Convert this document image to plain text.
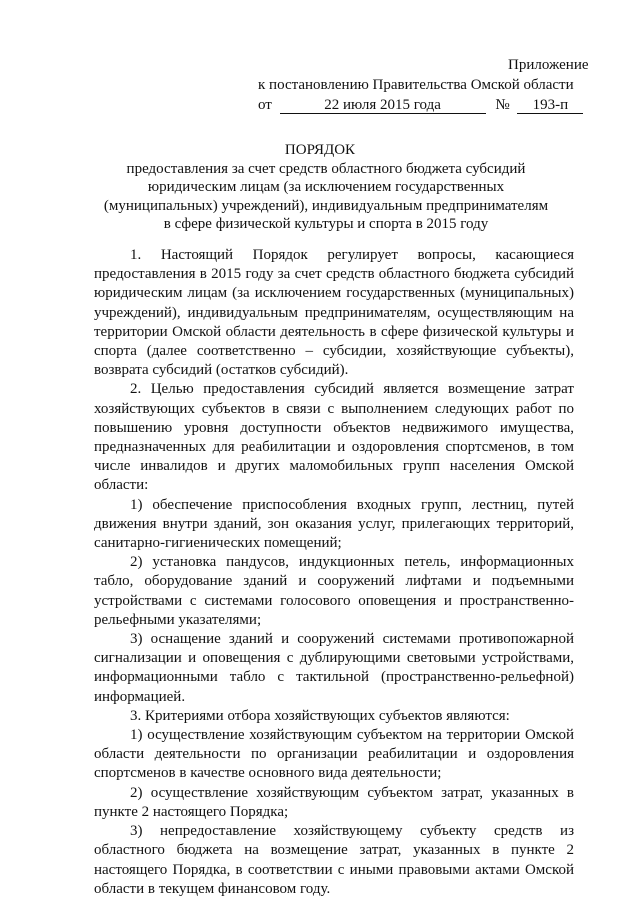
Приложение
к постановлению Правительства Омской области
от	22 июля 2015 года	№ 193-п
ПОРЯДОК
предоставления за счет средств областного бюджета субсидий юридическим лицам (за исключением государственных (муниципальных) учреждений), индивидуальным предпринимателям в сфере физической культуры и спорта в 2015 году

1. Настоящий Порядок регулирует вопросы, касающиеся предоставления в 2015 году за счет средств областного бюджета субсидий юридическим лицам (за исключением государственных (муниципальных) учреждений), индивидуальным предпринимателям, осуществляющим на территории Омской области деятельность в сфере физической культуры и спорта (далее соответственно – субсидии, хозяйствующие субъекты), возврата субсидий (остатков субсидий).

2. Целью предоставления субсидий является возмещение затрат хозяйствующих субъектов в связи с выполнением следующих работ по повышению уровня доступности объектов недвижимого имущества, предназначенных для реабилитации и оздоровления спортсменов, в том числе инвалидов и других маломобильных групп населения Омской области:

1) обеспечение приспособления входных групп, лестниц, путей движения внутри зданий, зон оказания услуг, прилегающих территорий, санитарно-гигиенических помещений;

2) установка пандусов, индукционных петель, информационных табло, оборудование зданий и сооружений лифтами и подъемными устройствами с системами голосового оповещения и пространственно-рельефными указателями;

3) оснащение зданий и сооружений системами противопожарной сигнализации и оповещения с дублирующими световыми устройствами, информационными табло с тактильной (пространственно-рельефной) информацией.

3. Критериями отбора хозяйствующих субъектов являются:

1) осуществление хозяйствующим субъектом на территории Омской области деятельности по организации реабилитации и оздоровления спортсменов в качестве основного вида деятельности;

2) осуществление хозяйствующим субъектом затрат, указанных в пункте 2 настоящего Порядка;

3) непредоставление хозяйствующему субъекту средств из областного бюджета на возмещение затрат, указанных в пункте 2 настоящего Порядка, в соответствии с иными правовыми актами Омской области в текущем финансовом году.
